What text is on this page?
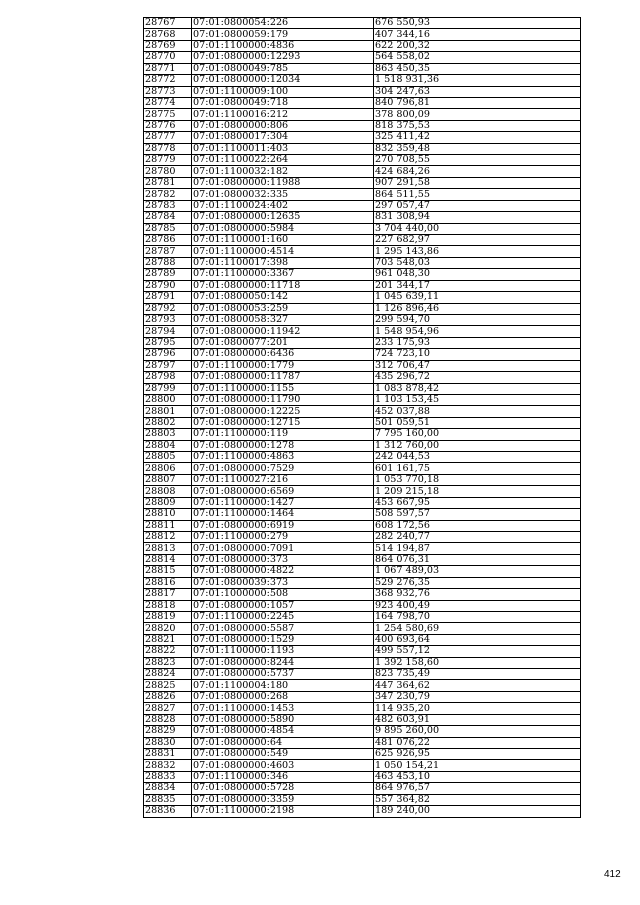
28767	07:01:0800054:226	676 550,93
28768	07:01:0800059:179	407 344,16
28769	07:01:1100000:4836	622 200,32
28770	07:01:0800000:12293	564 558,02
28771	07:01:0800049:785	863 450,35
28772	07:01:0800000:12034	1 518 931,36
28773	07:01:1100009:100	304 247,63
28774	07:01:0800049:718	840 796,81
28775	07:01:1100016:212	378 800,09
28776	07:01:0800000:806	818 375,53
28777	07:01:0800017:304	325 411,42
28778	07:01:1100011:403	832 359,48
28779	07:01:1100022:264	270 708,55
28780	07:01:1100032:182	424 684,26
28781	07:01:0800000:11988	907 291,58
28782	07:01:0800032:335	864 511,55
28783	07:01:1100024:402	297 057,47
28784	07:01:0800000:12635	831 308,94
28785	07:01:0800000:5984	3 704 440,00
28786	07:01:1100001:160	227 682,97
28787	07:01:1100000:4514	1 295 143,86
28788	07:01:1100017:398	703 548,03
28789	07:01:1100000:3367	961 048,30
28790	07:01:0800000:11718	201 344,17
28791	07:01:0800050:142	1 045 639,11
28792	07:01:0800053:259	1 126 896,46
28793	07:01:0800058:327	299 594,70
28794	07:01:0800000:11942	1 548 954,96
28795	07:01:0800077:201	233 175,93
28796	07:01:0800000:6436	724 723,10
28797	07:01:1100000:1779	312 706,47
28798	07:01:0800000:11787	435 296,72
28799	07:01:1100000:1155	1 083 878,42
28800	07:01:0800000:11790	1 103 153,45
28801	07:01:0800000:12225	452 037,88
28802	07:01:0800000:12715	501 059,51
28803	07:01:1100000:119	7 795 160,00
28804	07:01:0800000:1278	1 312 760,00
28805	07:01:1100000:4863	242 044,53
28806	07:01:0800000:7529	601 161,75
28807	07:01:1100027:216	1 053 770,18
28808	07:01:0800000:6569	1 209 215,18
28809	07:01:1100000:1427	453 667,95
28810	07:01:1100000:1464	508 597,57
28811	07:01:0800000:6919	608 172,56
28812	07:01:1100000:279	282 240,77
28813	07:01:0800000:7091	514 194,87
28814	07:01:0800000:373	864 076,31
28815	07:01:0800000:4822	1 067 489,03
28816	07:01:0800039:373	529 276,35
28817	07:01:1000000:508	368 932,76
28818	07:01:0800000:1057	923 400,49
28819	07:01:1100000:2245	164 798,70
28820	07:01:0800000:5587	1 254 580,69
28821	07:01:0800000:1529	400 693,64
28822	07:01:1100000:1193	499 557,12
28823	07:01:0800000:8244	1 392 158,60
28824	07:01:0800000:5737	823 735,49
28825	07:01:1100004:180	447 364,62
28826	07:01:0800000:268	347 230,79
28827	07:01:1100000:1453	114 935,20
28828	07:01:0800000:5890	482 603,91
28829	07:01:0800000:4854	9 895 260,00
28830	07:01:0800000:64	481 076,22
28831	07:01:0800000:549	625 926,95
28832	07:01:0800000:4603	1 050 154,21
28833	07:01:1100000:346	463 453,10
28834	07:01:0800000:5728	864 976,57
28835	07:01:0800000:3359	557 364,82
28836	07:01:1100000:2198	189 240,00
412
